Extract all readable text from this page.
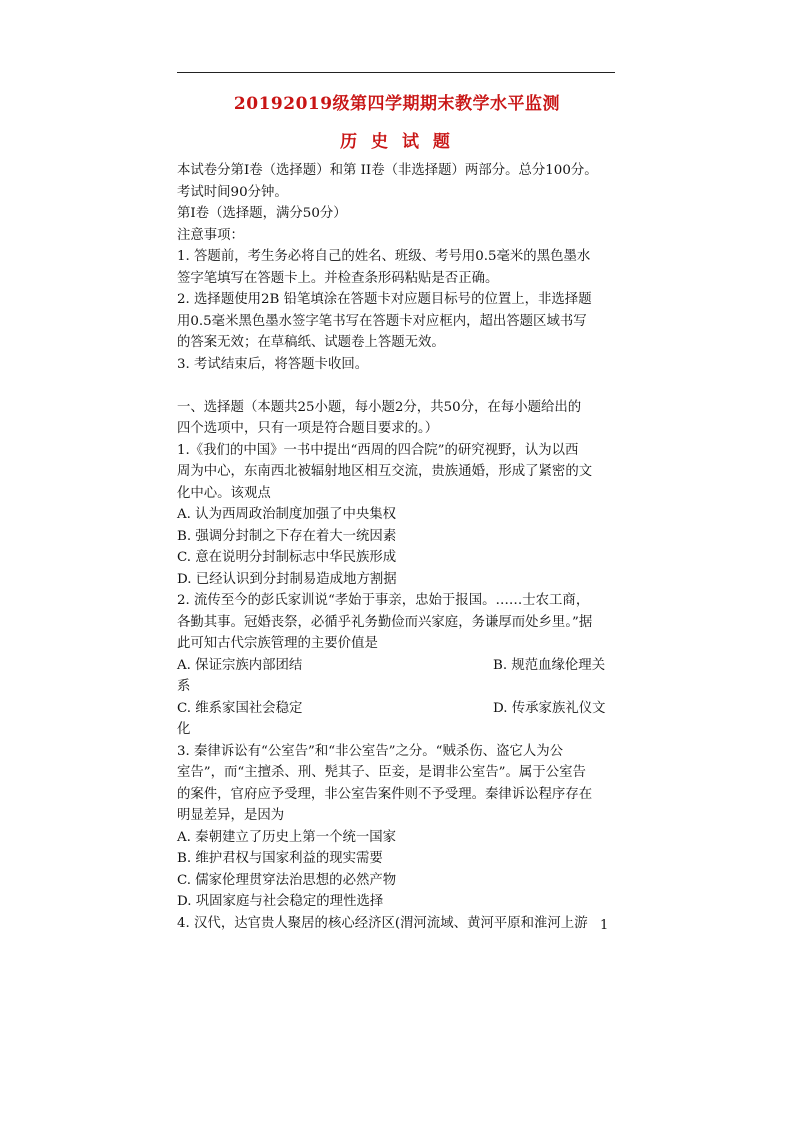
20192019级第四学期期末教学水平监测
历 史 试 题
本试卷分第Ⅰ卷（选择题）和第 II卷（非选择题）两部分。总分100分。
考试时间90分钟。
第Ⅰ卷（选择题，满分50分）
注意事项：
1. 答题前，考生务必将自己的姓名、班级、考号用0.5毫米的黑色墨水
签字笔填写在答题卡上。并检查条形码粘贴是否正确。
2. 选择题使用2B 铅笔填涂在答题卡对应题目标号的位置上，非选择题
用0.5毫米黑色墨水签字笔书写在答题卡对应框内，超出答题区域书写
的答案无效；在草稿纸、试题卷上答题无效。
3. 考试结束后，将答题卡收回。
一、选择题（本题共25小题，每小题2分，共50分，在每小题给出的
四个选项中，只有一项是符合题目要求的。）
1.《我们的中国》一书中提出“西周的四合院”的研究视野，认为以西
周为中心，东南西北被辐射地区相互交流，贵族通婚，形成了紧密的文
化中心。该观点
A. 认为西周政治制度加强了中央集权
B. 强调分封制之下存在着大一统因素
C. 意在说明分封制标志中华民族形成
D. 已经认识到分封制易造成地方割据
2. 流传至今的彭氏家训说“孝始于事亲，忠始于报国。……士农工商，
各勤其事。冠婚丧祭，必循乎礼务勤俭而兴家庭，务谦厚而处乡里。”据
此可知古代宗族管理的主要价值是
A. 保证宗族内部团结	B. 规范血缘伦理关
系
C. 维系家国社会稳定	D. 传承家族礼仪文
化
3. 秦律诉讼有“公室告”和“非公室告”之分。“贼杀伤、盗它人为公
室告”，而“主擅杀、刑、髡其子、臣妾，是谓非公室告”。属于公室告
的案件，官府应予受理，非公室告案件则不予受理。秦律诉讼程序存在
明显差异，是因为
A. 秦朝建立了历史上第一个统一国家
B. 维护君权与国家利益的现实需要
C. 儒家伦理贯穿法治思想的必然产物
D. 巩固家庭与社会稳定的理性选择
4. 汉代，达官贵人聚居的核心经济区(渭河流域、黄河平原和淮河上游 1
